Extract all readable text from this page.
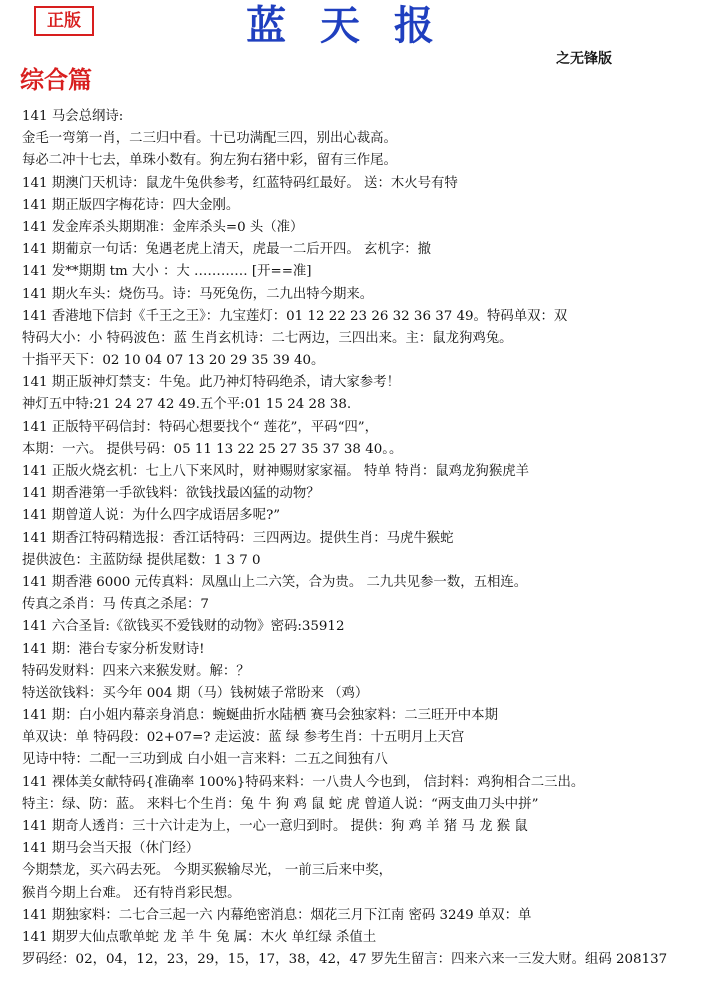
正版	蓝 天 报
之无锋版
综合篇
141 马会总纲诗:
金毛一弯第一肖，二三归中看。十已功满配三四，别出心裁高。
每必二冲十七去，单珠小数有。狗左狗右猪中彩，留有三作尾。
141 期澳门天机诗：鼠龙牛兔供参考，红蓝特码红最好。 送：木火号有特
141 期正版四字梅花诗：四大金刚。
141 发金库杀头期期准：金库杀头=0 头（准）
141 期葡京一句话：兔遇老虎上清天，虎最一二后开四。 玄机字：撤
141 发**期期 tm 大小 ：大 ………… [开==准]
141 期火车头：烧伤马。诗：马死兔伤，二九出特今期来。
141 香港地下信封《千王之王》：九宝莲灯：01 12 22 23 26 32 36 37 49。特码单双：双
特码大小：小 特码波色：蓝 生肖玄机诗：二七两边，三四出来。主：鼠龙狗鸡兔。
十指平天下：02 10 04 07 13 20 29 35 39 40。
141 期正版神灯禁支：牛兔。此乃神灯特码绝杀，请大家参考！
神灯五中特:21 24 27 42 49.五个平:01 15 24 28 38.
141 正版特平码信封：特码心想要找个“ 莲花”，平码“四”，
本期：一六。 提供号码：05 11 13 22 25 27 35 37 38 40。。
141 正版火烧玄机：七上八下来风时，财神赐财家家福。 特单 特肖：鼠鸡龙狗猴虎羊
141 期香港第一手欲钱料：欲钱找最凶猛的动物？
141 期曾道人说：为什么四字成语居多呢?”
141 期香江特码精选报：香江话特码：三四两边。提供生肖：马虎牛猴蛇
提供波色：主蓝防绿 提供尾数：1 3 7 0
141 期香港 6000 元传真料：凤凰山上二六笑，合为贵。 二九共见参一数，五相连。
传真之杀肖：马 传真之杀尾：7
141 六合圣旨:《欲钱买不爱钱财的动物》密码:35912
141 期：港台专家分析发财诗!
特码发财料：四来六来猴发财。解：？
特送欲钱料：买今年 004 期（马）钱树婊子常盼来 （鸡）
141 期：白小姐内幕亲身消息：蜿蜒曲折水陆栖 赛马会独家料：二三旺开中本期
单双诀：单 特码段：02+07=? 走运波：蓝 绿 参考生肖：十五明月上天宫
见诗中特：二配一三功到成 白小姐一言来料：二五之间独有八
141 裸体美女献特码{准确率 100%}特码来料：一八贵人今也到， 信封料：鸡狗相合二三出。
特主：绿、防：蓝。 来料七个生肖：兔 牛 狗 鸡 鼠 蛇 虎 曾道人说：“两支曲刀头中拼”
141 期奇人透肖：三十六计走为上，一心一意归到时。 提供：狗 鸡 羊 猪 马 龙 猴 鼠
141 期马会当天报（休门经）
今期禁龙，买六码去死。 今期买猴输尽光， 一前三后来中奖，
猴肖今期上台难。 还有特肖彩民想。
141 期独家料：二七合三起一六 内幕绝密消息：烟花三月下江南 密码 3249 单双：单
141 期罗大仙点歌单蛇 龙 羊 牛 兔 属：木火 单红绿 杀值土
罗码经：02，04，12，23，29，15，17，38，42，47 罗先生留言：四来六来一三发大财。组码 208137
